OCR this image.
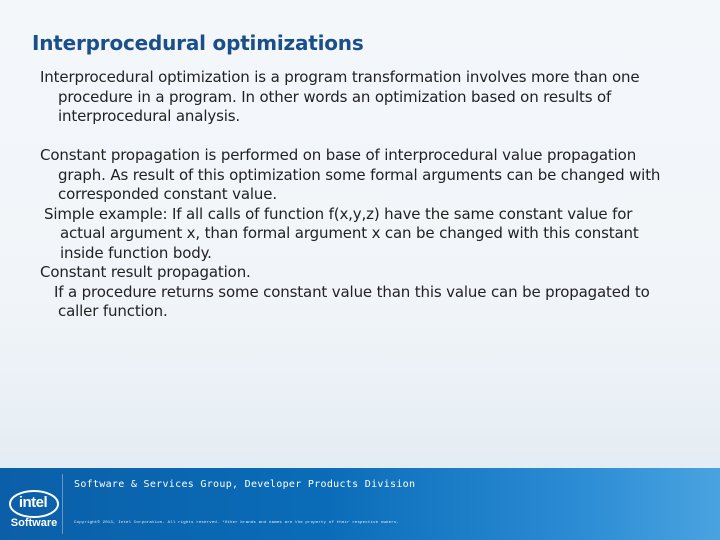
Interprocedural optimizations

Interprocedural optimization is a program transformation involves more than one procedure in a program. In other words an optimization based on results of interprocedural analysis.

Constant propagation is performed on base of interprocedural value propagation graph. As result of this optimization some formal arguments can be changed with corresponded constant value.

Simple example: If all calls of function f(x,y,z) have the same constant value for actual argument x, than formal argument x can be changed with this constant inside function body.

Constant result propagation.

If a procedure returns some constant value than this value can be propagated to caller function.

intel
Software
Software & Services Group, Developer Products Division
Copyright© 2013, Intel Corporation. All rights reserved. *Other brands and names are the property of their respective owners.
